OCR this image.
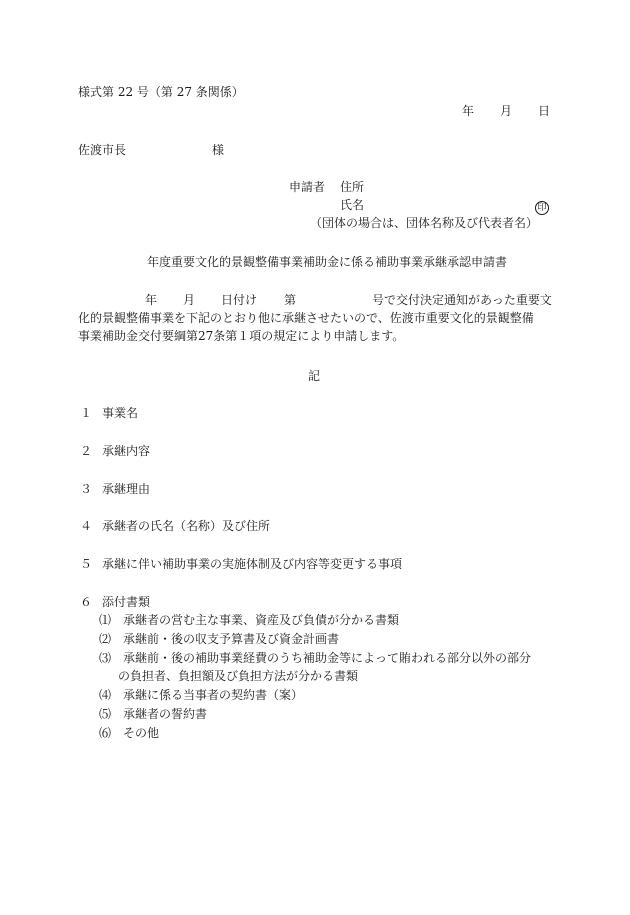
様式第 22 号（第 27 条関係）
年 月 日
佐渡市長	様
申請者 住所
氏名	印
（団体の場合は、団体名称及び代表者名）
年度重要文化的景観整備事業補助金に係る補助事業承継承認申請書
年 月 日付け 第	号で交付決定通知があった重要文
化的景観整備事業を下記のとおり他に承継させたいので、佐渡市重要文化的景観整備
事業補助金交付要綱第27条第１項の規定により申請します。
記
１ 事業名
２ 承継内容
３ 承継理由
４ 承継者の氏名（名称）及び住所
５ 承継に伴い補助事業の実施体制及び内容等変更する事項
６ 添付書類
⑴ 承継者の営む主な事業、資産及び負債が分かる書類
⑵ 承継前・後の収支予算書及び資金計画書
⑶ 承継前・後の補助事業経費のうち補助金等によって賄われる部分以外の部分
の負担者、負担額及び負担方法が分かる書類
⑷ 承継に係る当事者の契約書（案）
⑸ 承継者の誓約書
⑹ その他
